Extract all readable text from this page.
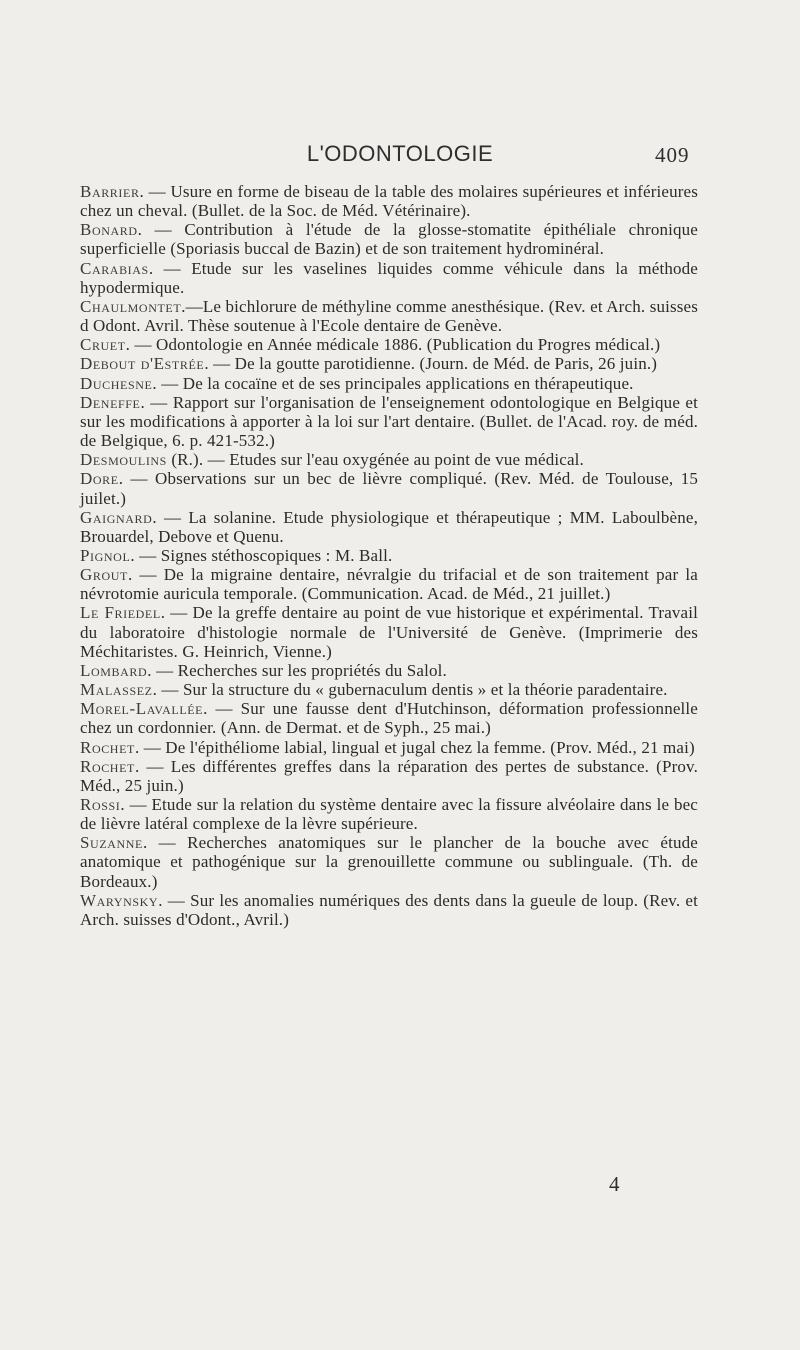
L'ODONTOLOGIE	409
Barrier. — Usure en forme de biseau de la table des molaires supérieures et inférieures chez un cheval. (Bullet. de la Soc. de Méd. Vétérinaire).
Bonard. — Contribution à l'étude de la glosse-stomatite épithéliale chronique superficielle (Sporiasis buccal de Bazin) et de son traitement hydrominéral.
Carabias. — Etude sur les vaselines liquides comme véhicule dans la méthode hypodermique.
Chaulmontet.—Le bichlorure de méthyline comme anesthésique. (Rev. et Arch. suisses d Odont. Avril. Thèse soutenue à l'Ecole dentaire de Genève.
Cruet. — Odontologie en Année médicale 1886. (Publication du Progres médical.)
Debout d'Estrée. — De la goutte parotidienne. (Journ. de Méd. de Paris, 26 juin.)
Duchesne. — De la cocaïne et de ses principales applications en thérapeutique.
Deneffe. — Rapport sur l'organisation de l'enseignement odontologique en Belgique et sur les modifications à apporter à la loi sur l'art dentaire. (Bullet. de l'Acad. roy. de méd. de Belgique, 6. p. 421-532.)
Desmoulins (R.). — Etudes sur l'eau oxygénée au point de vue médical.
Dore. — Observations sur un bec de lièvre compliqué. (Rev. Méd. de Toulouse, 15 juilet.)
Gaignard. — La solanine. Etude physiologique et thérapeutique ; MM. Laboulbène, Brouardel, Debove et Quenu.
Pignol. — Signes stéthoscopiques : M. Ball.
Grout. — De la migraine dentaire, névralgie du trifacial et de son traitement par la névrotomie auricula temporale. (Communication. Acad. de Méd., 21 juillet.)
Le Friedel. — De la greffe dentaire au point de vue historique et expérimental. Travail du laboratoire d'histologie normale de l'Université de Genève. (Imprimerie des Méchitaristes. G. Heinrich, Vienne.)
Lombard. — Recherches sur les propriétés du Salol.
Malassez. — Sur la structure du « gubernaculum dentis » et la théorie paradentaire.
Morel-Lavallée. — Sur une fausse dent d'Hutchinson, déformation professionnelle chez un cordonnier. (Ann. de Dermat. et de Syph., 25 mai.)
Rochet. — De l'épithéliome labial, lingual et jugal chez la femme. (Prov. Méd., 21 mai)
Rochet. — Les différentes greffes dans la réparation des pertes de substance. (Prov. Méd., 25 juin.)
Rossi. — Etude sur la relation du système dentaire avec la fissure alvéolaire dans le bec de lièvre latéral complexe de la lèvre supérieure.
Suzanne. — Recherches anatomiques sur le plancher de la bouche avec étude anatomique et pathogénique sur la grenouillette commune ou sublinguale. (Th. de Bordeaux.)
Warynsky. — Sur les anomalies numériques des dents dans la gueule de loup. (Rev. et Arch. suisses d'Odont., Avril.)
4
